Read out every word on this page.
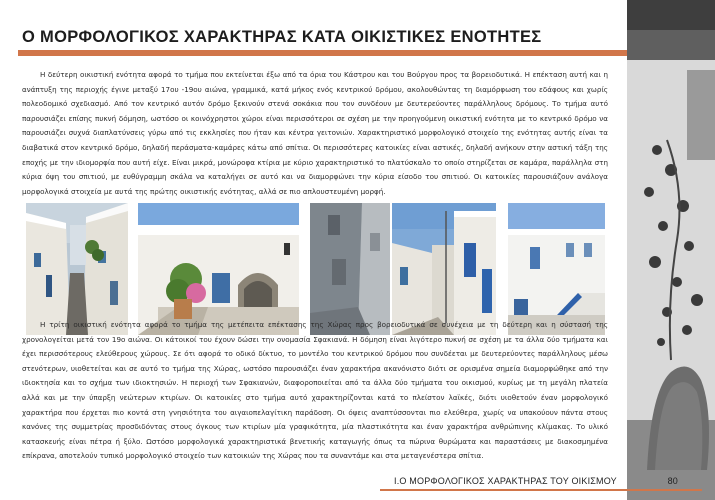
Ο ΜΟΡΦΟΛΟΓΙΚΟΣ ΧΑΡΑΚΤΗΡΑΣ ΚΑΤΑ ΟΙΚΙΣΤΙΚΕΣ ΕΝΟΤΗΤΕΣ

Η δεύτερη οικιστική ενότητα αφορά το τμήμα που εκτείνεται έξω από τα όρια του Κάστρου και του Βούργου προς τα βορειοδυτικά. Η επέκταση αυτή και η ανάπτυξη της περιοχής έγινε μεταξύ 17ου -19ου αιώνα, γραμμικά, κατά μήκος ενός κεντρικού δρόμου, ακολουθώντας τη διαμόρφωση του εδάφους και χωρίς πολεοδομικό σχεδιασμό. Από τον κεντρικό αυτόν δρόμο ξεκινούν στενά σοκάκια που τον συνδέουν με δευτερεύοντες παράλληλους δρόμους. Το τμήμα αυτό παρουσιάζει επίσης πυκνή δόμηση, ωστόσο οι κοινόχρηστοι χώροι είναι περισσότεροι σε σχέση με την προηγούμενη οικιστική ενότητα με το κεντρικό δρόμο να παρουσιάζει συχνά διαπλατύνσεις γύρω από τις εκκλησίες που ήταν και κέντρα γειτονιών. Χαρακτηριστικό μορφολογικό στοιχείο της ενότητας αυτής είναι τα διαβατικά στον κεντρικό δρόμο, δηλαδή περάσματα-καμάρες κάτω από σπίτια. Οι περισσότερες κατοικίες είναι αστικές, δηλαδή ανήκουν στην αστική τάξη της εποχής με την ιδιομορφία που αυτή είχε. Είναι μικρά, μονώροφα κτίρια με κύριο χαρακτηριστικό το πλατύσκαλο το οποίο στηρίζεται σε καμάρα, παράλληλα στη κύρια όψη του σπιτιού, με ευθύγραμμη σκάλα να καταλήγει σε αυτό και να διαμορφώνει την κύρια είσοδο του σπιτιού. Οι κατοικίες παρουσιάζουν ανάλογα μορφολογικά στοιχεία με αυτά της πρώτης οικιστικής ενότητας, αλλά σε πιο απλουστευμένη μορφή.

Η τρίτη οικιστική ενότητα αφορά το τμήμα της μετέπειτα επέκτασης της Χώρας προς βορειοδυτικά σε συνέχεια με τη δεύτερη και η σύστασή της χρονολογείται μετά τον 19ο αιώνα. Οι κάτοικοί του έχουν δώσει την ονομασία Σφακιανά. Η δόμηση είναι λιγότερο πυκνή σε σχέση με τα άλλα δύο τμήματα και έχει περισσότερους ελεύθερους χώρους. Σε ότι αφορά το οδικό δίκτυο, το μοντέλο του κεντρικού δρόμου που συνδέεται με δευτερεύοντες παράλληλους μέσω στενότερων, υιοθετείται και σε αυτό το τμήμα της Χώρας, ωστόσο παρουσιάζει έναν χαρακτήρα ακανόνιστο διότι σε ορισμένα σημεία διαμορφώθηκε από την ιδιοκτησία και το σχήμα των ιδιοκτησιών. Η περιοχή των Σφακιανών, διαφοροποιείται από τα άλλα δύο τμήματα του οικισμού, κυρίως με τη μεγάλη πλατεία αλλά και με την ύπαρξη νεώτερων κτιρίων. Οι κατοικίες στο τμήμα αυτό χαρακτηρίζονται κατά το πλείστον λαϊκές, διότι υιοθετούν έναν μορφολογικό χαρακτήρα που έρχεται πιο κοντά στη γνησιότητα του αιγαιοπελαγίτικη παράδοση. Οι όψεις αναπτύσσονται πιο ελεύθερα, χωρίς να υπακούουν πάντα στους κανόνες της συμμετρίας προσδιδόντας στους όγκους των κτιρίων μία γραφικότητα, μία πλαστικότητα και έναν χαρακτήρα ανθρώπινης κλίμακας. Το υλικό κατασκευής είναι πέτρα ή ξύλο. Ωστόσο μορφολογικά χαρακτηριστικά βενετικής καταγωγής όπως τα πώρινα θυρώματα και παραστάσεις με διακοσμημένα επίκρανα, αποτελούν τυπικό μορφολογικό στοιχείο των κατοικιών της Χώρας που τα συναντάμε και στα μεταγενέστερα σπίτια.

Ι.Ο ΜΟΡΦΟΛΟΓΙΚΟΣ ΧΑΡΑΚΤΗΡΑΣ ΤΟΥ ΟΙΚΙΣΜΟΥ	80
